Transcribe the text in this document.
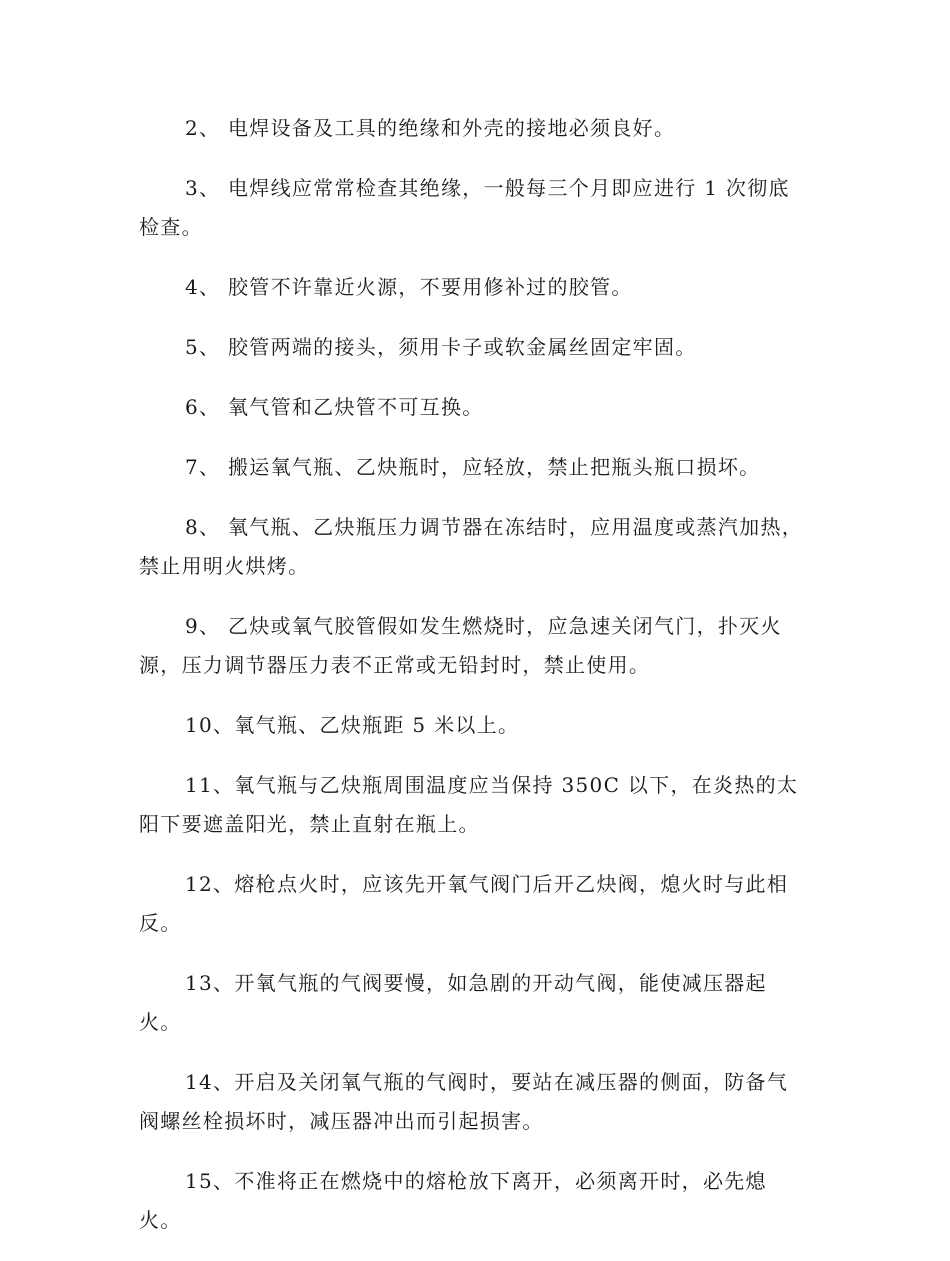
2、 电焊设备及工具的绝缘和外壳的接地必须良好。

3、 电焊线应常常检查其绝缘，一般每三个月即应进行 1 次彻底检查。

4、 胶管不许靠近火源，不要用修补过的胶管。

5、 胶管两端的接头，须用卡子或软金属丝固定牢固。

6、 氧气管和乙炔管不可互换。

7、 搬运氧气瓶、乙炔瓶时，应轻放，禁止把瓶头瓶口损坏。

8、 氧气瓶、乙炔瓶压力调节器在冻结时，应用温度或蒸汽加热，禁止用明火烘烤。

9、 乙炔或氧气胶管假如发生燃烧时，应急速关闭气门，扑灭火源，压力调节器压力表不正常或无铅封时，禁止使用。

10、氧气瓶、乙炔瓶距 5 米以上。

11、氧气瓶与乙炔瓶周围温度应当保持 350C 以下，在炎热的太阳下要遮盖阳光，禁止直射在瓶上。

12、熔枪点火时，应该先开氧气阀门后开乙炔阀，熄火时与此相反。

13、开氧气瓶的气阀要慢，如急剧的开动气阀，能使减压器起火。

14、开启及关闭氧气瓶的气阀时，要站在减压器的侧面，防备气阀螺丝栓损坏时，减压器冲出而引起损害。

15、不准将正在燃烧中的熔枪放下离开，必须离开时，必先熄火。
